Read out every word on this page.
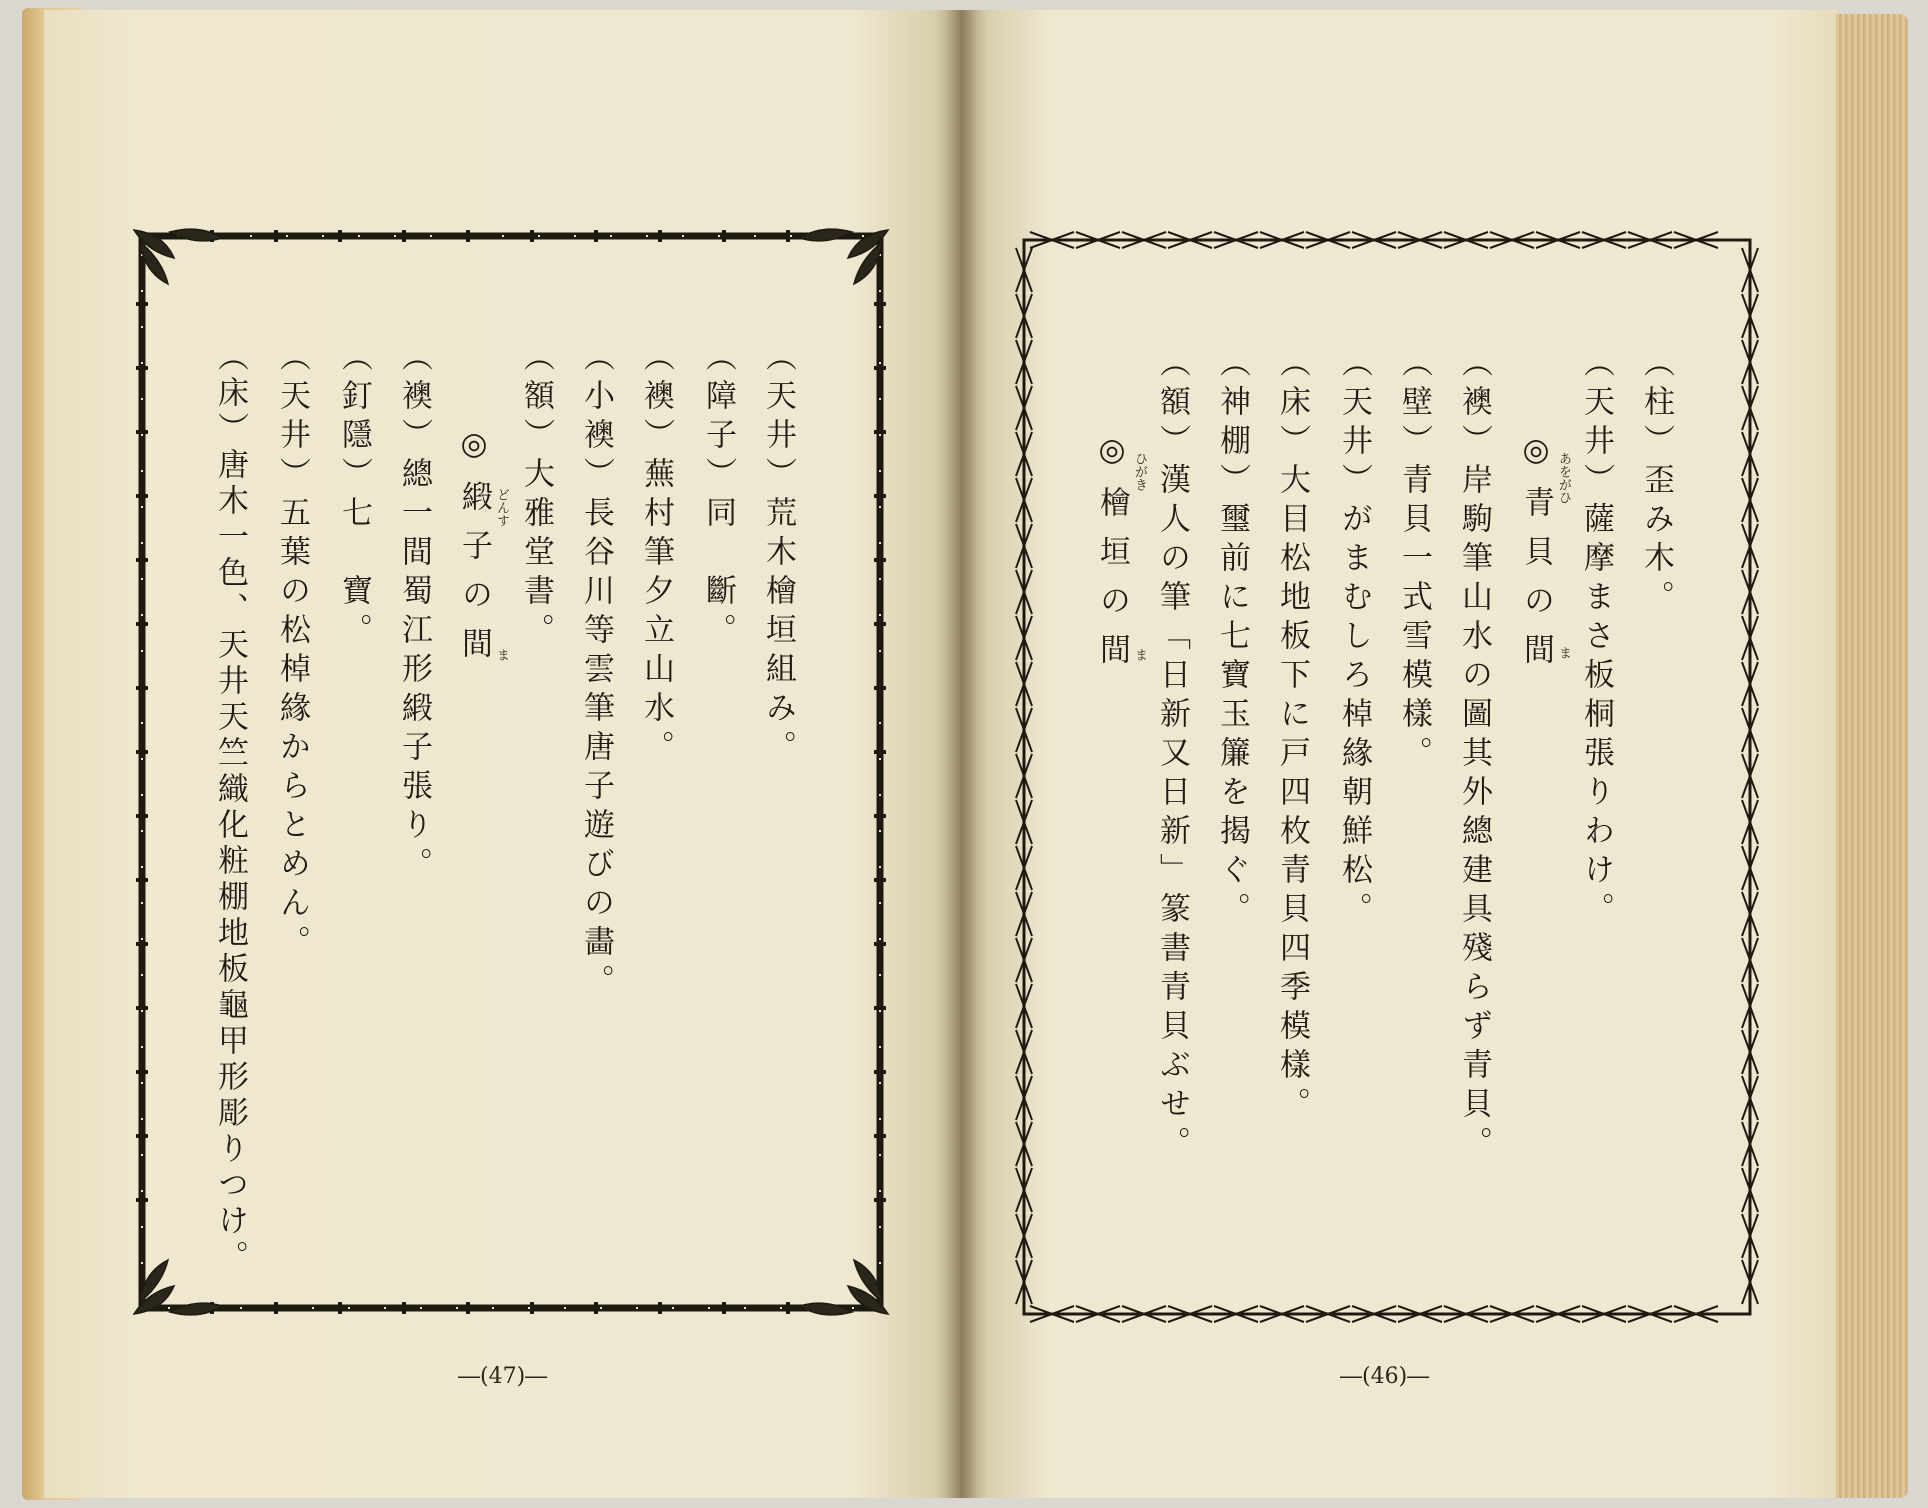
（天井）荒木檜垣組み。
（障子）同　斷。
（襖）蕪村筆夕立山水。
（小襖）長谷川等雲筆唐子遊びの畵。
（額）大雅堂書。
◎緞子の間 どんす
ま
（襖）總一間蜀江形緞子張り。
（釘隱）七　寶。
（天井）五葉の松棹緣からとめん。
（床）唐木一色、天井天竺織化粧棚地板龜甲形彫りつけ。
―(47)―
（柱）歪み木。
（天井）薩摩まさ板桐張りわけ。
◎青貝の間 あをがひ
ま
（襖）岸駒筆山水の圖其外總建具殘らず青貝。
（壁）青貝一式雪模樣。
（天井）がまむしろ棹緣朝鮮松。
（床）大目松地板下に戸四枚青貝四季模樣。
（神棚）璽前に七寶玉簾を揭ぐ。
（額）漢人の筆「日新又日新」篆書青貝ぶせ。
◎檜垣の間 ひがき
ま
―(46)―
